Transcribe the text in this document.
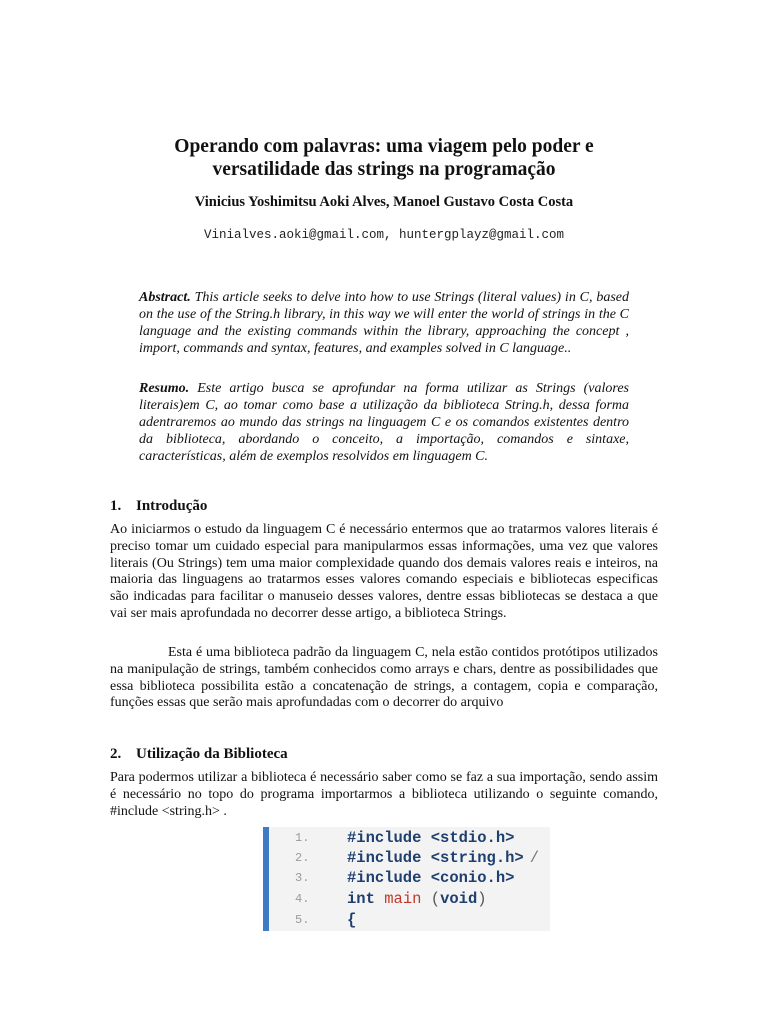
Operando com palavras: uma viagem pelo poder e
versatilidade das strings na programação
Vinicius Yoshimitsu Aoki Alves, Manoel Gustavo Costa Costa
Vinialves.aoki@gmail.com, huntergplayz@gmail.com
Abstract. This article seeks to delve into how to use Strings (literal values) in C, based on the use of the String.h library, in this way we will enter the world of strings in the C language and the existing commands within the library, approaching the concept , import, commands and syntax, features, and examples solved in C language..
Resumo. Este artigo busca se aprofundar na forma utilizar as Strings (valores literais)em C, ao tomar como base a utilização da biblioteca String.h, dessa forma adentraremos ao mundo das strings na linguagem C e os comandos existentes dentro da biblioteca, abordando o conceito, a importação, comandos e sintaxe, características, além de exemplos resolvidos em linguagem C.
1. Introdução
Ao iniciarmos o estudo da linguagem C é necessário entermos que ao tratarmos valores literais é preciso tomar um cuidado especial para manipularmos essas informações, uma vez que valores literais (Ou Strings) tem uma maior complexidade quando dos demais valores reais e inteiros, na maioria das linguagens ao tratarmos esses valores comando especiais e bibliotecas especificas são indicadas para facilitar o manuseio desses valores, dentre essas bibliotecas se destaca a que vai ser mais aprofundada no decorrer desse artigo, a biblioteca Strings.
Esta é uma biblioteca padrão da linguagem C, nela estão contidos protótipos utilizados na manipulação de strings, também conhecidos como arrays e chars, dentre as possibilidades que essa biblioteca possibilita estão a concatenação de strings, a contagem, copia e comparação, funções essas que serão mais aprofundadas com o decorrer do arquivo
2. Utilização da Biblioteca
Para podermos utilizar a biblioteca é necessário saber como se faz a sua importação, sendo assim é necessário no topo do programa importarmos a biblioteca utilizando o seguinte comando, #include <string.h> .
1. #include <stdio.h>
2. #include <string.h> /
3. #include <conio.h>
4. int main (void)
5. {
